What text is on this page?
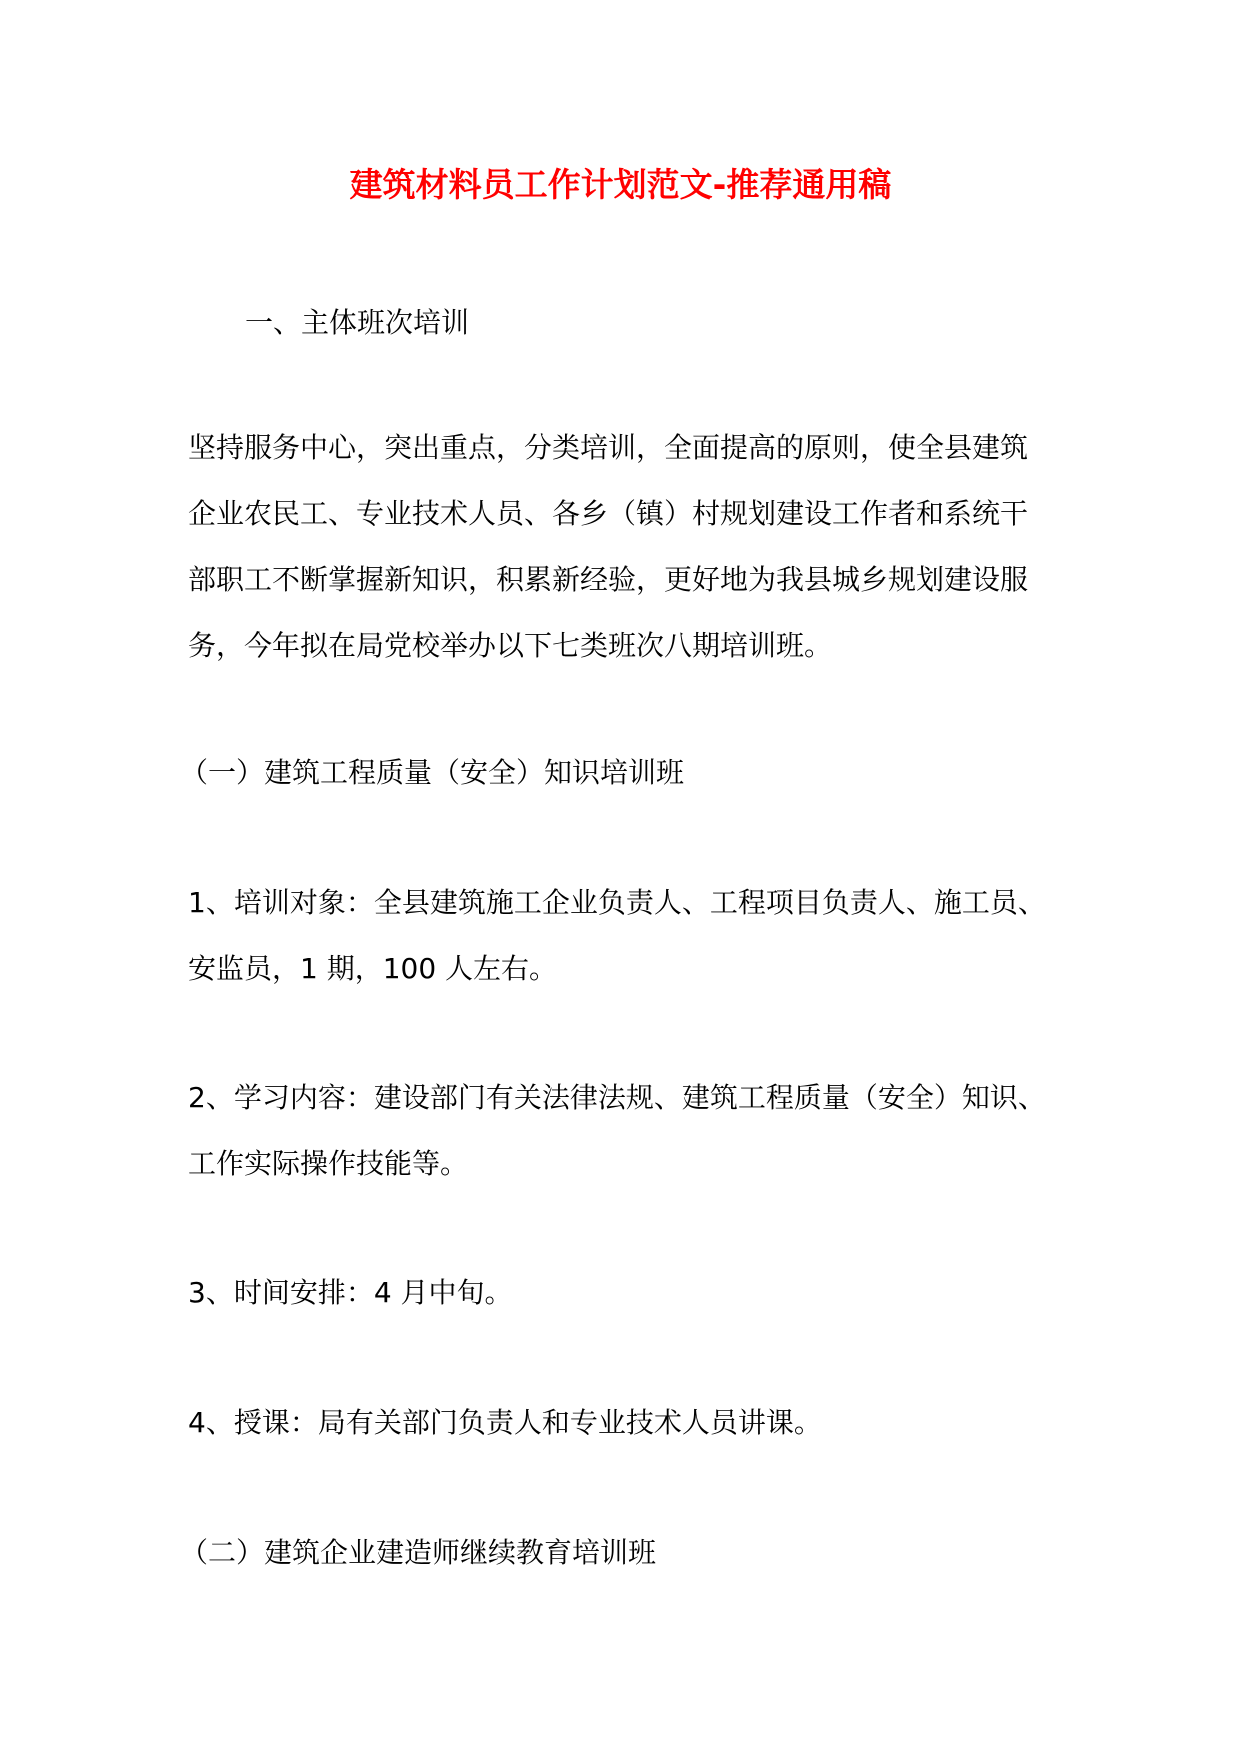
建筑材料员工作计划范文-推荐通用稿
一、主体班次培训
坚持服务中心，突出重点，分类培训，全面提高的原则，使全县建筑
企业农民工、专业技术人员、各乡（镇）村规划建设工作者和系统干
部职工不断掌握新知识，积累新经验，更好地为我县城乡规划建设服
务，今年拟在局党校举办以下七类班次八期培训班。
（一）建筑工程质量（安全）知识培训班
1、培训对象：全县建筑施工企业负责人、工程项目负责人、施工员、
安监员，1 期，100 人左右。
2、学习内容：建设部门有关法律法规、建筑工程质量（安全）知识、
工作实际操作技能等。
3、时间安排：4 月中旬。
4、授课：局有关部门负责人和专业技术人员讲课。
（二）建筑企业建造师继续教育培训班
